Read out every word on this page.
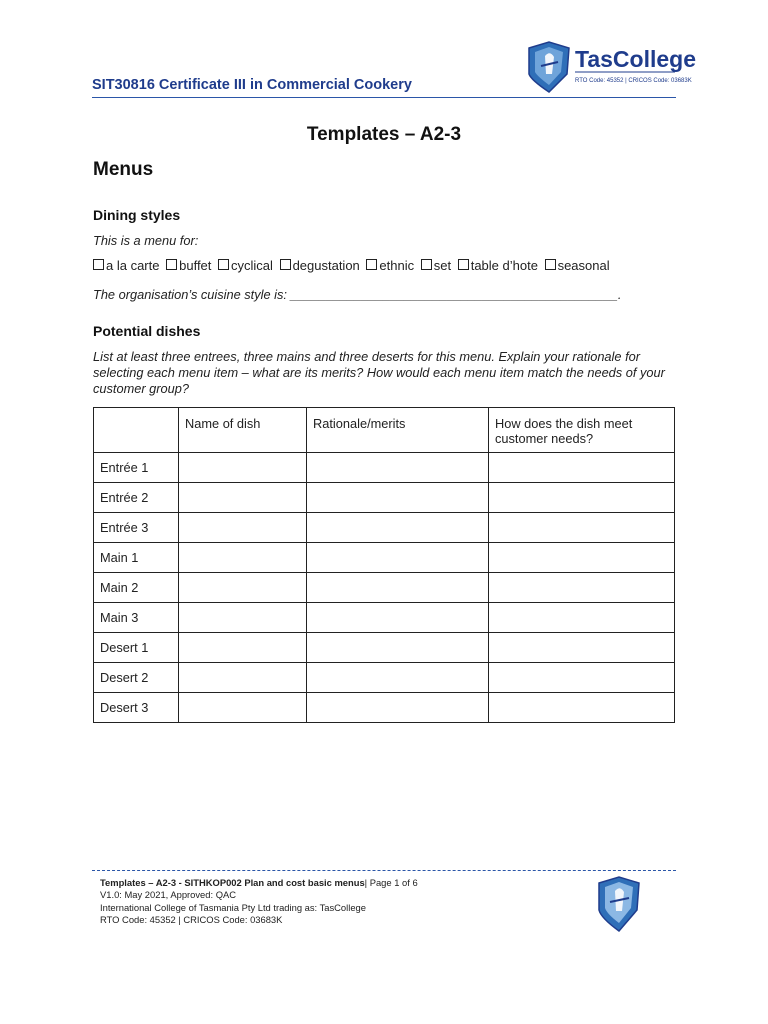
SIT30816 Certificate III in Commercial Cookery
TasCollege
RTO Code: 45352 | CRICOS Code: 03683K
Templates – A2-3
Menus
Dining styles
This is a menu for:
a la carte buffet cyclical degustation ethnic set table d’hote seasonal
The organisation’s cuisine style is: ______________________________________________.
Potential dishes
List at least three entrees, three mains and three deserts for this menu. Explain your rationale for selecting each menu item – what are its merits? How would each menu item match the needs of your customer group?
	Name of dish	Rationale/merits	How does the dish meet customer needs?
Entrée 1			
Entrée 2			
Entrée 3			
Main 1			
Main 2			
Main 3			
Desert 1			
Desert 2			
Desert 3			
Templates – A2-3 - SITHKOP002 Plan and cost basic menus| Page 1 of 6
V1.0: May 2021, Approved: QAC
International College of Tasmania Pty Ltd trading as: TasCollege
RTO Code: 45352 | CRICOS Code: 03683K
